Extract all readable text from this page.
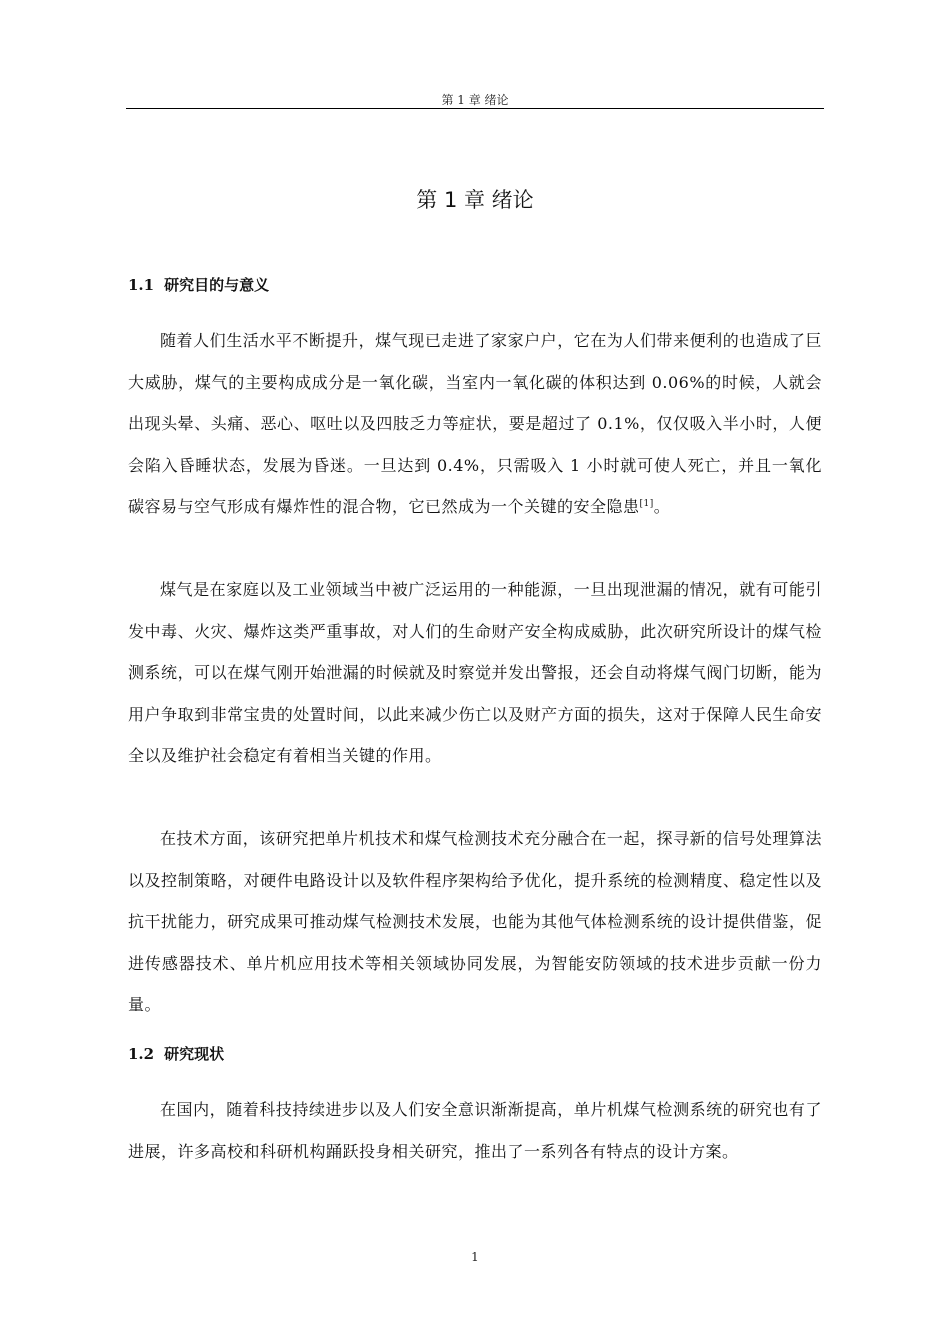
第 1 章 绪论
第 1 章 绪论
1.1 研究目的与意义

随着人们生活水平不断提升，煤气现已走进了家家户户，它在为人们带来便利的也造成了巨大威胁，煤气的主要构成成分是一氧化碳，当室内一氧化碳的体积达到 0.06%的时候，人就会出现头晕、头痛、恶心、呕吐以及四肢乏力等症状，要是超过了 0.1%，仅仅吸入半小时，人便会陷入昏睡状态，发展为昏迷。一旦达到 0.4%，只需吸入 1 小时就可使人死亡，并且一氧化碳容易与空气形成有爆炸性的混合物，它已然成为一个关键的安全隐患[1]。

煤气是在家庭以及工业领域当中被广泛运用的一种能源，一旦出现泄漏的情况，就有可能引发中毒、火灾、爆炸这类严重事故，对人们的生命财产安全构成威胁，此次研究所设计的煤气检测系统，可以在煤气刚开始泄漏的时候就及时察觉并发出警报，还会自动将煤气阀门切断，能为用户争取到非常宝贵的处置时间，以此来减少伤亡以及财产方面的损失，这对于保障人民生命安全以及维护社会稳定有着相当关键的作用。

在技术方面，该研究把单片机技术和煤气检测技术充分融合在一起，探寻新的信号处理算法以及控制策略，对硬件电路设计以及软件程序架构给予优化，提升系统的检测精度、稳定性以及抗干扰能力，研究成果可推动煤气检测技术发展，也能为其他气体检测系统的设计提供借鉴，促进传感器技术、单片机应用技术等相关领域协同发展，为智能安防领域的技术进步贡献一份力量。

1.2 研究现状

在国内，随着科技持续进步以及人们安全意识渐渐提高，单片机煤气检测系统的研究也有了进展，许多高校和科研机构踊跃投身相关研究，推出了一系列各有特点的设计方案。

1
